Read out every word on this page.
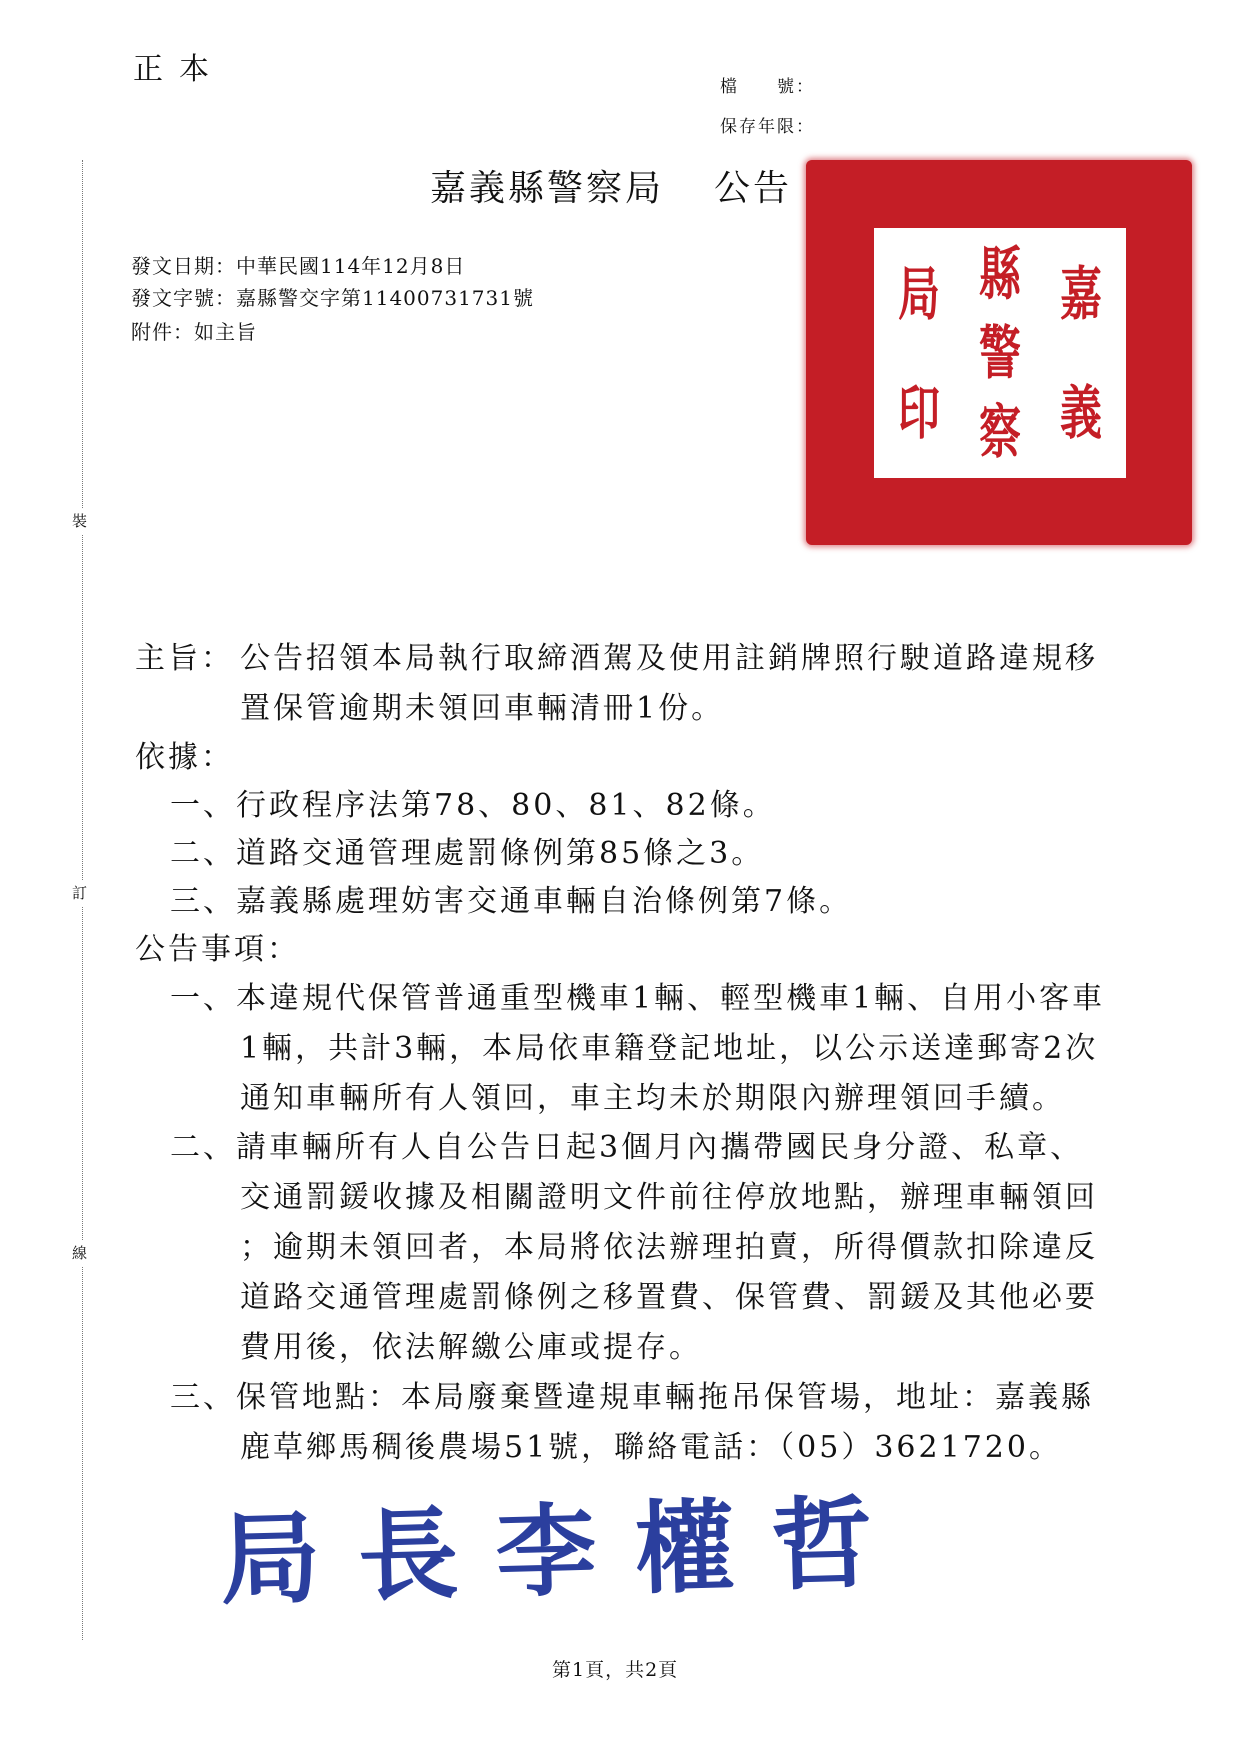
正本	檔　　號：
保存年限：
裝
訂
線
嘉義縣警察局 公告
發文日期：中華民國114年12月8日
發文字號：嘉縣警交字第11400731731號
附件：如主旨
嘉
義
縣
警
察
局
印
主旨： 公告招領本局執行取締酒駕及使用註銷牌照行駛道路違規移
置保管逾期未領回車輛清冊1份。
依據：
一、行政程序法第78、80、81、82條。
二、道路交通管理處罰條例第85條之3。
三、嘉義縣處理妨害交通車輛自治條例第7條。
公告事項：
一、本違規代保管普通重型機車1輛、輕型機車1輛、自用小客車
1輛，共計3輛，本局依車籍登記地址，以公示送達郵寄2次
通知車輛所有人領回，車主均未於期限內辦理領回手續。
二、請車輛所有人自公告日起3個月內攜帶國民身分證、私章、
交通罰鍰收據及相關證明文件前往停放地點，辦理車輛領回
；逾期未領回者，本局將依法辦理拍賣，所得價款扣除違反
道路交通管理處罰條例之移置費、保管費、罰鍰及其他必要
費用後，依法解繳公庫或提存。
三、保管地點：本局廢棄暨違規車輛拖吊保管場，地址：嘉義縣
鹿草鄉馬稠後農場51號，聯絡電話：（05）3621720。
局長李權哲
第1頁，共2頁
